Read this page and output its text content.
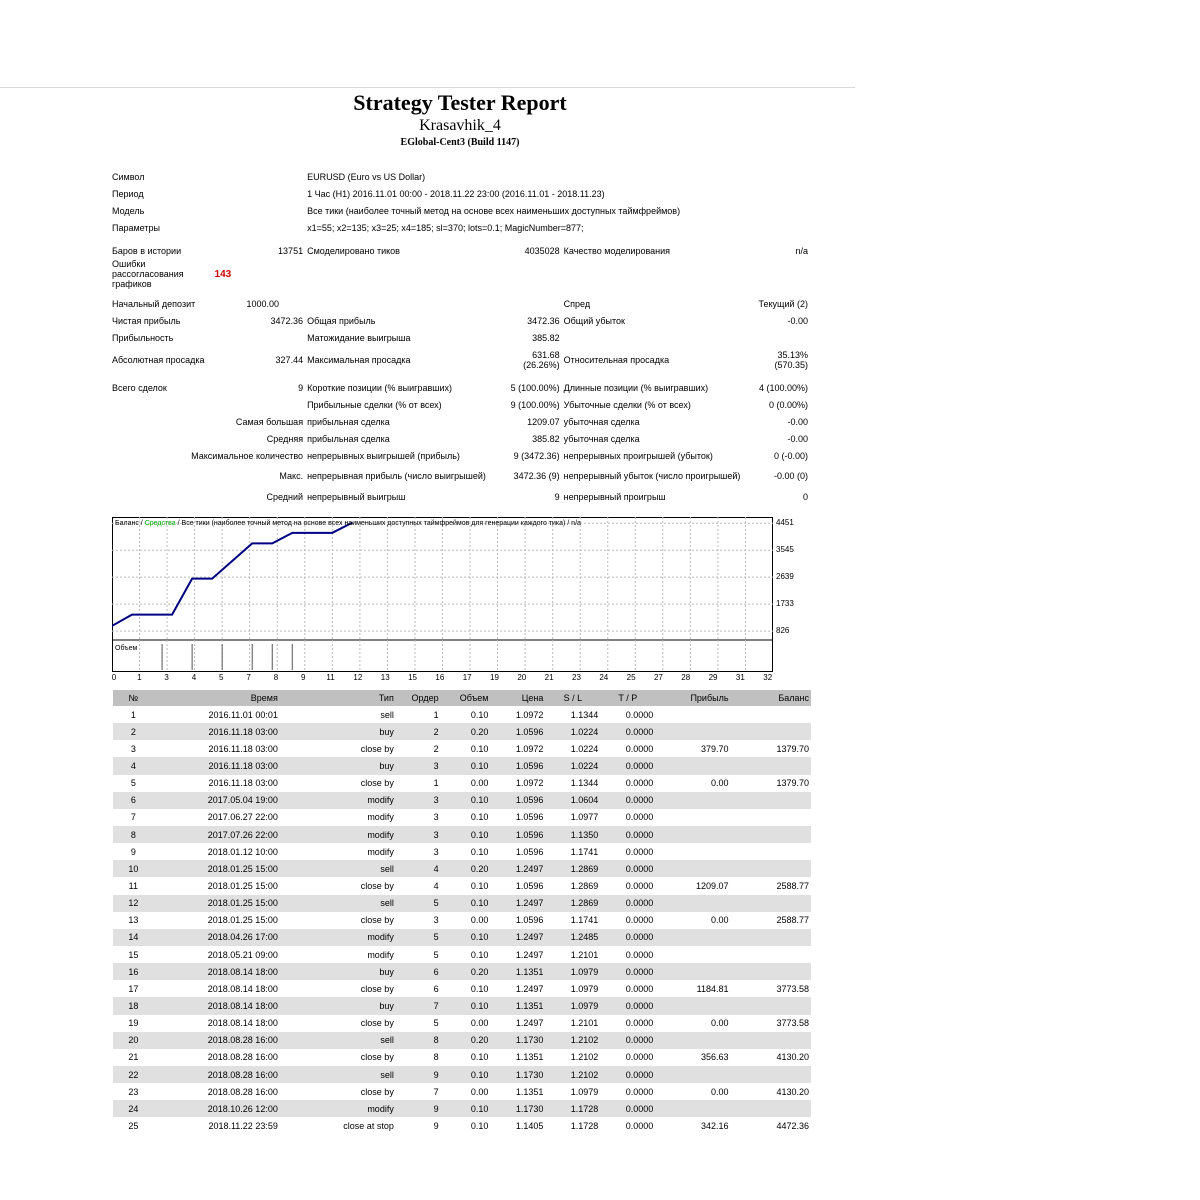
Strategy Tester Report
Krasavhik_4
EGlobal-Cent3 (Build 1147)
Символ		EURUSD (Euro vs US Dollar)			
Период		1 Час (H1) 2016.11.01 00:00 - 2018.11.22 23:00 (2016.11.01 - 2018.11.23)			
Модель		Все тики (наиболее точный метод на основе всех наименьших доступных таймфреймов)			
Параметры		x1=55; x2=135; x3=25; x4=185; sl=370; lots=0.1; MagicNumber=877;			

Баров в истории	13751	Смоделировано тиков	4035028	Качество моделирования	n/a
Ошибки рассогласования графиков	143				

Начальный депозит	1000.00			Спред	Текущий (2)
Чистая прибыль	3472.36	Общая прибыль	3472.36	Общий убыток	-0.00
Прибыльность		Матожидание выигрыша	385.82		
Абсолютная просадка	327.44	Максимальная просадка	631.68 (26.26%)	Относительная просадка	35.13% (570.35)

Всего сделок	9	Короткие позиции (% выигравших)	5 (100.00%)	Длинные позиции (% выигравших)	4 (100.00%)
		Прибыльные сделки (% от всех)	9 (100.00%)	Убыточные сделки (% от всех)	0 (0.00%)
Самая большая		прибыльная сделка	1209.07	убыточная сделка	-0.00
Средняя		прибыльная сделка	385.82	убыточная сделка	-0.00
Максимальное количество		непрерывных выигрышей (прибыль)	9 (3472.36)	непрерывных проигрышей (убыток)	0 (-0.00)
Макс.		непрерывная прибыль (число выигрышей)	3472.36 (9)	непрерывный убыток (число проигрышей)	-0.00 (0)
Средний		непрерывный выигрыш	9	непрерывный проигрыш	0
Баланс / Средства / Все тики (наиболее точный метод на основе всех наименьших доступных таймфреймов для генерации каждого тика) / n/a
Объем
4451
3545
2639
1733
826
0	1	3	4	5	7	8	9	11 12 13 15 16 17 19 20 21 23 24 25 27 28 29 31 32
№	Время	Тип	Ордер	Объем	Цена	S / L	T / P	Прибыль	Баланс
1	2016.11.01 00:01	sell	1	0.10	1.0972	1.1344	0.0000		
2	2016.11.18 03:00	buy	2	0.20	1.0596	1.0224	0.0000		
3	2016.11.18 03:00	close by	2	0.10	1.0972	1.0224	0.0000	379.70	1379.70
4	2016.11.18 03:00	buy	3	0.10	1.0596	1.0224	0.0000		
5	2016.11.18 03:00	close by	1	0.00	1.0972	1.1344	0.0000	0.00	1379.70
6	2017.05.04 19:00	modify	3	0.10	1.0596	1.0604	0.0000		
7	2017.06.27 22:00	modify	3	0.10	1.0596	1.0977	0.0000		
8	2017.07.26 22:00	modify	3	0.10	1.0596	1.1350	0.0000		
9	2018.01.12 10:00	modify	3	0.10	1.0596	1.1741	0.0000		
10	2018.01.25 15:00	sell	4	0.20	1.2497	1.2869	0.0000		
11	2018.01.25 15:00	close by	4	0.10	1.0596	1.2869	0.0000	1209.07	2588.77
12	2018.01.25 15:00	sell	5	0.10	1.2497	1.2869	0.0000		
13	2018.01.25 15:00	close by	3	0.00	1.0596	1.1741	0.0000	0.00	2588.77
14	2018.04.26 17:00	modify	5	0.10	1.2497	1.2485	0.0000		
15	2018.05.21 09:00	modify	5	0.10	1.2497	1.2101	0.0000		
16	2018.08.14 18:00	buy	6	0.20	1.1351	1.0979	0.0000		
17	2018.08.14 18:00	close by	6	0.10	1.2497	1.0979	0.0000	1184.81	3773.58
18	2018.08.14 18:00	buy	7	0.10	1.1351	1.0979	0.0000		
19	2018.08.14 18:00	close by	5	0.00	1.2497	1.2101	0.0000	0.00	3773.58
20	2018.08.28 16:00	sell	8	0.20	1.1730	1.2102	0.0000		
21	2018.08.28 16:00	close by	8	0.10	1.1351	1.2102	0.0000	356.63	4130.20
22	2018.08.28 16:00	sell	9	0.10	1.1730	1.2102	0.0000		
23	2018.08.28 16:00	close by	7	0.00	1.1351	1.0979	0.0000	0.00	4130.20
24	2018.10.26 12:00	modify	9	0.10	1.1730	1.1728	0.0000		
25	2018.11.22 23:59	close at stop	9	0.10	1.1405	1.1728	0.0000	342.16	4472.36
